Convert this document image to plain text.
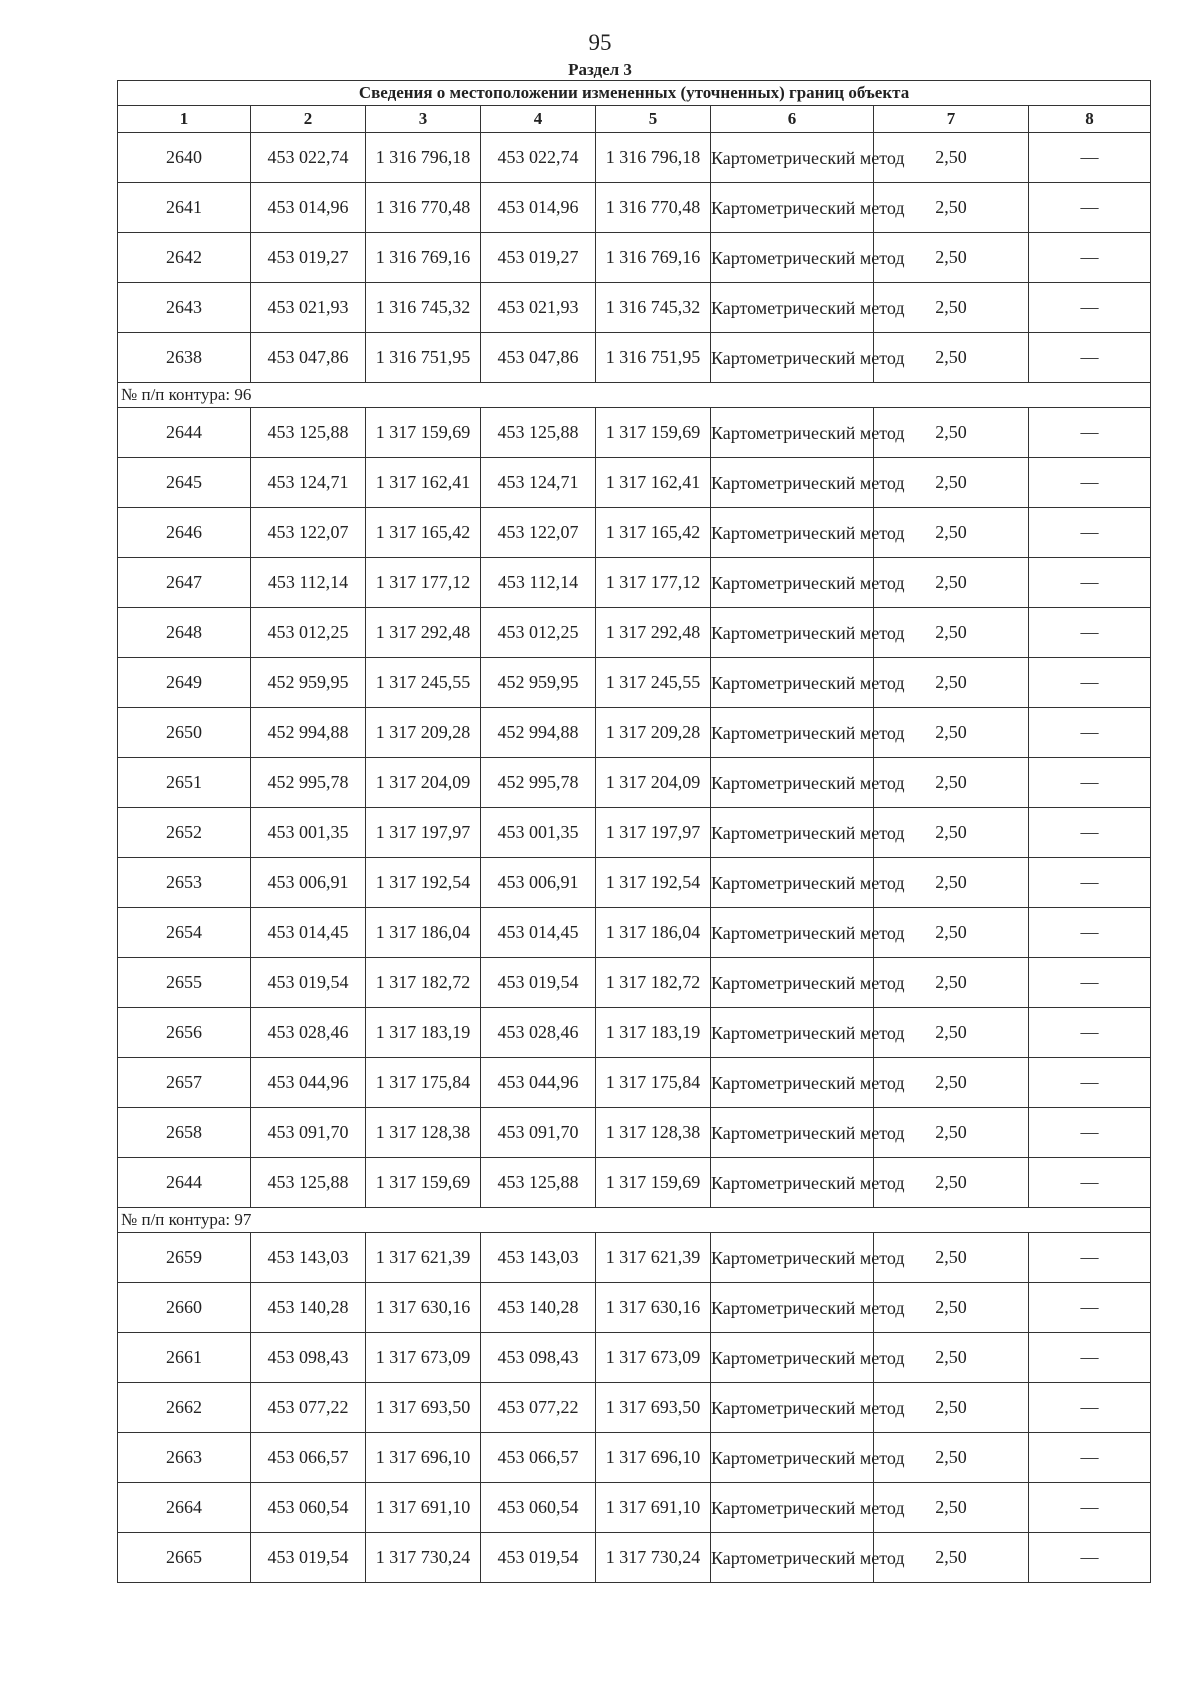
95
Раздел 3
Сведения о местоположении измененных (уточненных) границ объекта							
1	2	3	4	5	6	7	8
2640	453 022,74	1 316 796,18	453 022,74	1 316 796,18	Картометрический метод	2,50	—
2641	453 014,96	1 316 770,48	453 014,96	1 316 770,48	Картометрический метод	2,50	—
2642	453 019,27	1 316 769,16	453 019,27	1 316 769,16	Картометрический метод	2,50	—
2643	453 021,93	1 316 745,32	453 021,93	1 316 745,32	Картометрический метод	2,50	—
2638	453 047,86	1 316 751,95	453 047,86	1 316 751,95	Картометрический метод	2,50	—
№ п/п контура: 96							
2644	453 125,88	1 317 159,69	453 125,88	1 317 159,69	Картометрический метод	2,50	—
2645	453 124,71	1 317 162,41	453 124,71	1 317 162,41	Картометрический метод	2,50	—
2646	453 122,07	1 317 165,42	453 122,07	1 317 165,42	Картометрический метод	2,50	—
2647	453 112,14	1 317 177,12	453 112,14	1 317 177,12	Картометрический метод	2,50	—
2648	453 012,25	1 317 292,48	453 012,25	1 317 292,48	Картометрический метод	2,50	—
2649	452 959,95	1 317 245,55	452 959,95	1 317 245,55	Картометрический метод	2,50	—
2650	452 994,88	1 317 209,28	452 994,88	1 317 209,28	Картометрический метод	2,50	—
2651	452 995,78	1 317 204,09	452 995,78	1 317 204,09	Картометрический метод	2,50	—
2652	453 001,35	1 317 197,97	453 001,35	1 317 197,97	Картометрический метод	2,50	—
2653	453 006,91	1 317 192,54	453 006,91	1 317 192,54	Картометрический метод	2,50	—
2654	453 014,45	1 317 186,04	453 014,45	1 317 186,04	Картометрический метод	2,50	—
2655	453 019,54	1 317 182,72	453 019,54	1 317 182,72	Картометрический метод	2,50	—
2656	453 028,46	1 317 183,19	453 028,46	1 317 183,19	Картометрический метод	2,50	—
2657	453 044,96	1 317 175,84	453 044,96	1 317 175,84	Картометрический метод	2,50	—
2658	453 091,70	1 317 128,38	453 091,70	1 317 128,38	Картометрический метод	2,50	—
2644	453 125,88	1 317 159,69	453 125,88	1 317 159,69	Картометрический метод	2,50	—
№ п/п контура: 97							
2659	453 143,03	1 317 621,39	453 143,03	1 317 621,39	Картометрический метод	2,50	—
2660	453 140,28	1 317 630,16	453 140,28	1 317 630,16	Картометрический метод	2,50	—
2661	453 098,43	1 317 673,09	453 098,43	1 317 673,09	Картометрический метод	2,50	—
2662	453 077,22	1 317 693,50	453 077,22	1 317 693,50	Картометрический метод	2,50	—
2663	453 066,57	1 317 696,10	453 066,57	1 317 696,10	Картометрический метод	2,50	—
2664	453 060,54	1 317 691,10	453 060,54	1 317 691,10	Картометрический метод	2,50	—
2665	453 019,54	1 317 730,24	453 019,54	1 317 730,24	Картометрический метод	2,50	—
